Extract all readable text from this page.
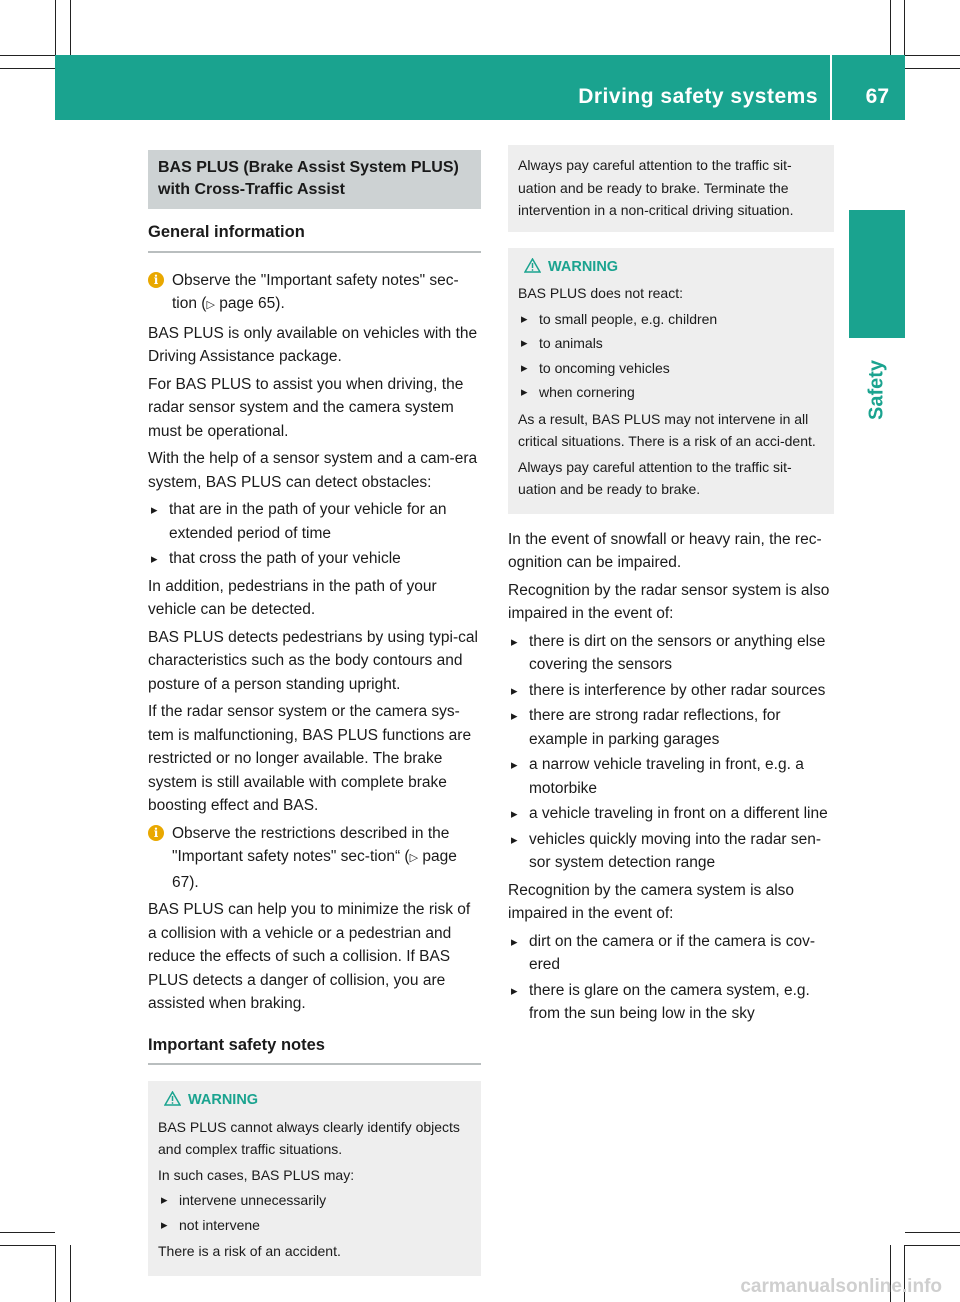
Driving safety systems 67
Safety
BAS PLUS (Brake Assist System PLUS) with Cross-Traffic Assist
General information
i Observe the "Important safety notes" sec-tion (▷ page 65).

BAS PLUS is only available on vehicles with the Driving Assistance package.

For BAS PLUS to assist you when driving, the radar sensor system and the camera system must be operational.

With the help of a sensor system and a cam-era system, BAS PLUS can detect obstacles:

▸ that are in the path of your vehicle for an extended period of time
▸ that cross the path of your vehicle

In addition, pedestrians in the path of your vehicle can be detected.

BAS PLUS detects pedestrians by using typi-cal characteristics such as the body contours and posture of a person standing upright.

If the radar sensor system or the camera sys-tem is malfunctioning, BAS PLUS functions are restricted or no longer available. The brake system is still available with complete brake boosting effect and BAS.

i Observe the restrictions described in the "Important safety notes" sec-tion“ (▷ page 67).

BAS PLUS can help you to minimize the risk of a collision with a vehicle or a pedestrian and reduce the effects of such a collision. If BAS PLUS detects a danger of collision, you are assisted when braking.

Important safety notes
WARNING

BAS PLUS cannot always clearly identify objects and complex traffic situations.

In such cases, BAS PLUS may:

▸ intervene unnecessarily
▸ not intervene

There is a risk of an accident.

Always pay careful attention to the traffic sit-uation and be ready to brake. Terminate the intervention in a non-critical driving situation.
WARNING

BAS PLUS does not react:

▸ to small people, e.g. children
▸ to animals
▸ to oncoming vehicles
▸ when cornering

As a result, BAS PLUS may not intervene in all critical situations. There is a risk of an acci-dent.

Always pay careful attention to the traffic sit-uation and be ready to brake.

In the event of snowfall or heavy rain, the rec-ognition can be impaired.

Recognition by the radar sensor system is also impaired in the event of:

▸ there is dirt on the sensors or anything else covering the sensors
▸ there is interference by other radar sources
▸ there are strong radar reflections, for example in parking garages
▸ a narrow vehicle traveling in front, e.g. a motorbike
▸ a vehicle traveling in front on a different line
▸ vehicles quickly moving into the radar sen-sor system detection range

Recognition by the camera system is also impaired in the event of:

▸ dirt on the camera or if the camera is cov-ered
▸ there is glare on the camera system, e.g. from the sun being low in the sky
carmanualsonline.info
